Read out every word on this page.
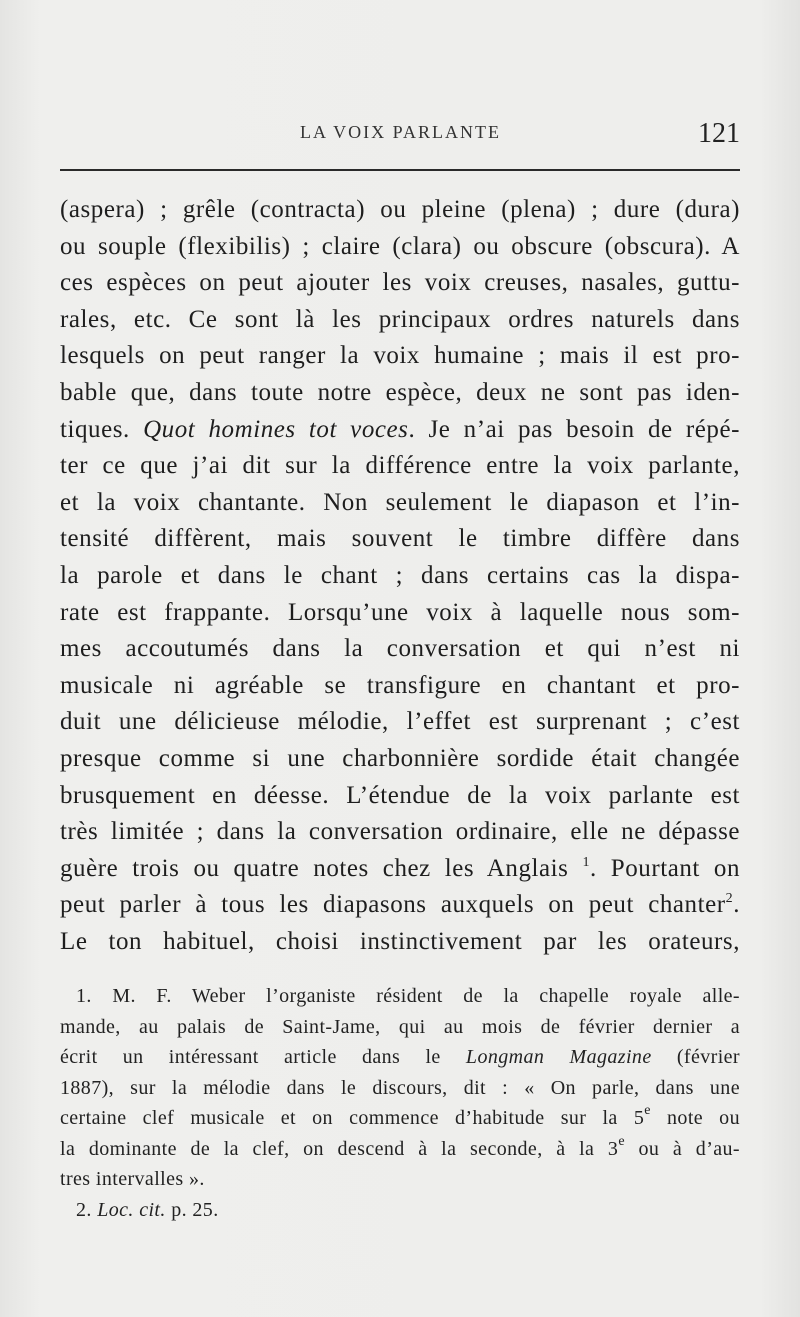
LA VOIX PARLANTE	121
(aspera) ; grêle (contracta) ou pleine (plena) ; dure (dura)
ou souple (flexibilis) ; claire (clara) ou obscure (obscura). A
ces espèces on peut ajouter les voix creuses, nasales, guttu-
rales, etc. Ce sont là les principaux ordres naturels dans
lesquels on peut ranger la voix humaine ; mais il est pro-
bable que, dans toute notre espèce, deux ne sont pas iden-
tiques. Quot homines tot voces. Je n’ai pas besoin de répé-
ter ce que j’ai dit sur la différence entre la voix parlante,
et la voix chantante. Non seulement le diapason et l’in-
tensité diffèrent, mais souvent le timbre diffère dans
la parole et dans le chant ; dans certains cas la dispa-
rate est frappante. Lorsqu’une voix à laquelle nous som-
mes accoutumés dans la conversation et qui n’est ni
musicale ni agréable se transfigure en chantant et pro-
duit une délicieuse mélodie, l’effet est surprenant ; c’est
presque comme si une charbonnière sordide était changée
brusquement en déesse. L’étendue de la voix parlante est
très limitée ; dans la conversation ordinaire, elle ne dépasse
guère trois ou quatre notes chez les Anglais $^1$. Pourtant on
peut parler à tous les diapasons auxquels on peut chanter$^2$.
Le ton habituel, choisi instinctivement par les orateurs,
1. M. F. Weber l’organiste résident de la chapelle royale alle-
mande, au palais de Saint-Jame, qui au mois de février dernier a
écrit un intéressant article dans le Longman Magazine (février
1887), sur la mélodie dans le discours, dit : « On parle, dans une
certaine clef musicale et on commence d’habitude sur la 5e note ou
la dominante de la clef, on descend à la seconde, à la 3e ou à d’au-
tres intervalles ».
2. Loc. cit. p. 25.
